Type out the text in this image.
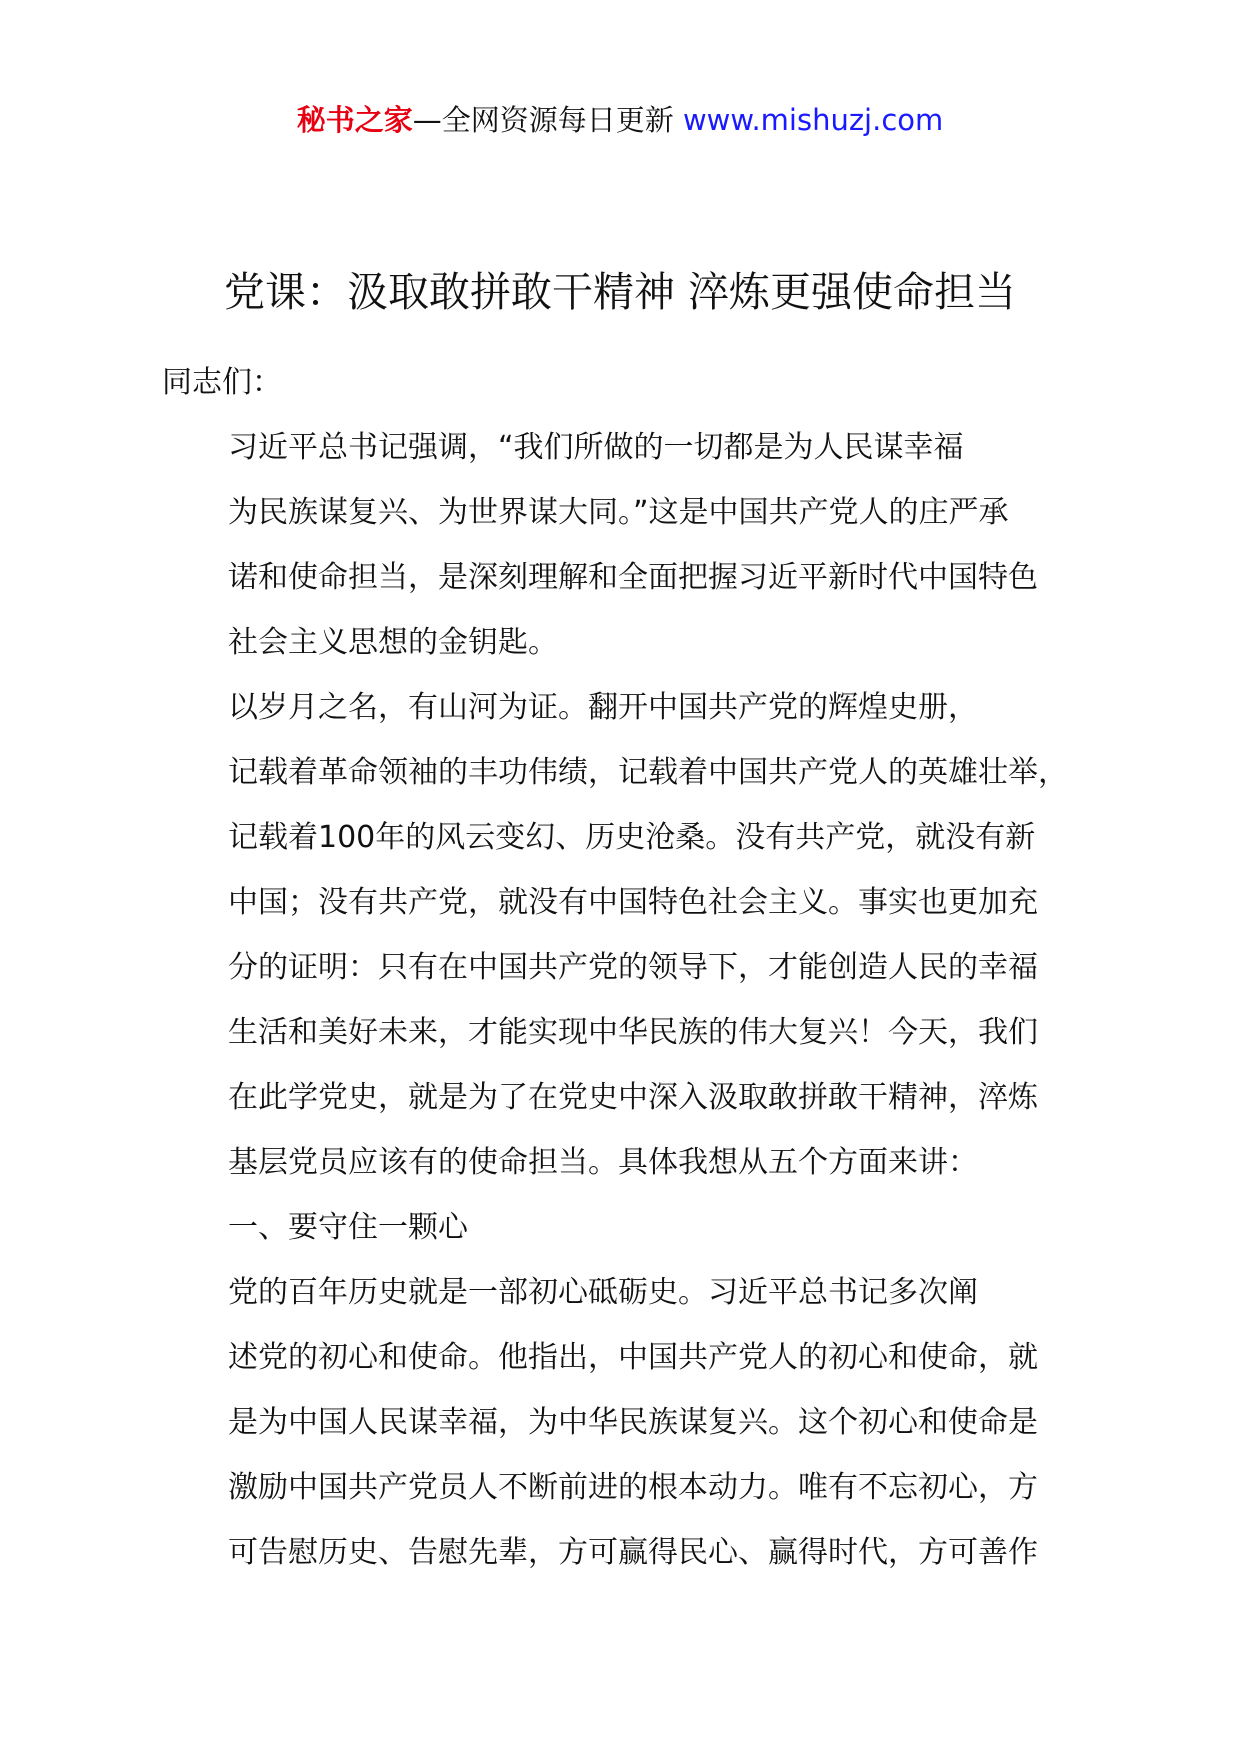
秘书之家—全网资源每日更新 www.mishuzj.com
党课：汲取敢拼敢干精神 淬炼更强使命担当

同志们：

习近平总书记强调，“我们所做的一切都是为人民谋幸福
为民族谋复兴、为世界谋大同。”这是中国共产党人的庄严承
诺和使命担当，是深刻理解和全面把握习近平新时代中国特色
社会主义思想的金钥匙。

以岁月之名，有山河为证。翻开中国共产党的辉煌史册，
记载着革命领袖的丰功伟绩，记载着中国共产党人的英雄壮举，
记载着100年的风云变幻、历史沧桑。没有共产党，就没有新
中国；没有共产党，就没有中国特色社会主义。事实也更加充
分的证明：只有在中国共产党的领导下，才能创造人民的幸福
生活和美好未来，才能实现中华民族的伟大复兴！今天，我们
在此学党史，就是为了在党史中深入汲取敢拼敢干精神，淬炼
基层党员应该有的使命担当。具体我想从五个方面来讲：

一、要守住一颗心

党的百年历史就是一部初心砥砺史。习近平总书记多次阐
述党的初心和使命。他指出，中国共产党人的初心和使命，就
是为中国人民谋幸福，为中华民族谋复兴。这个初心和使命是
激励中国共产党员人不断前进的根本动力。唯有不忘初心，方
可告慰历史、告慰先辈，方可赢得民心、赢得时代，方可善作
